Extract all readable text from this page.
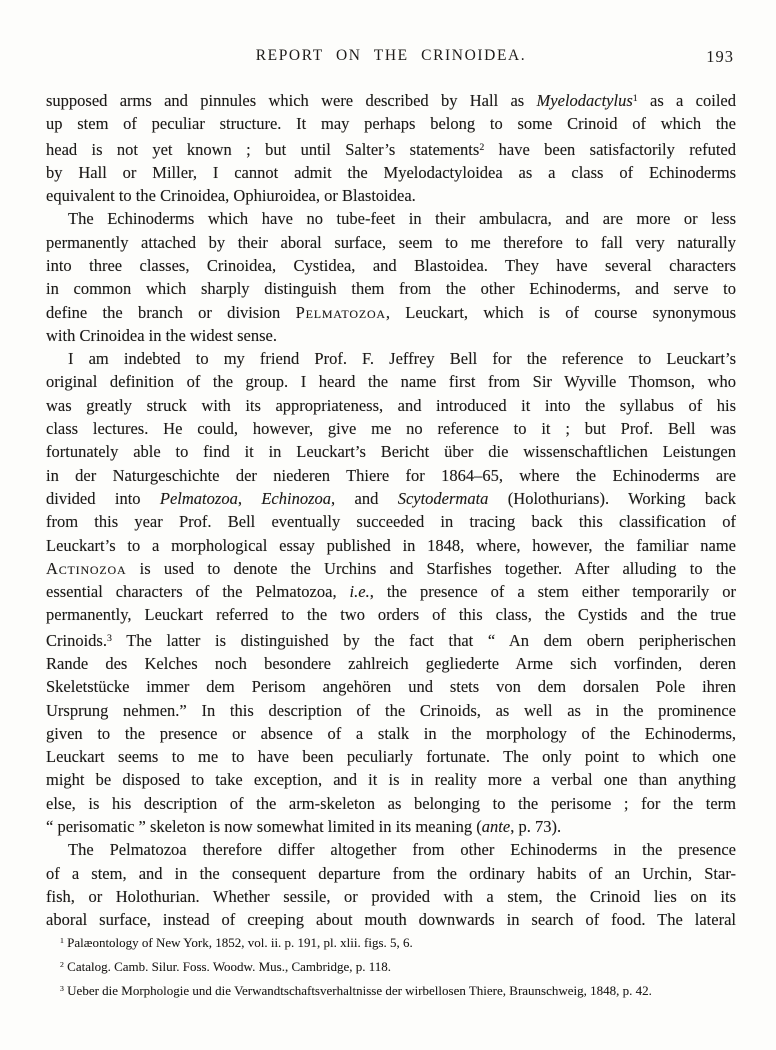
REPORT ON THE CRINOIDEA.	193
supposed arms and pinnules which were described by Hall as Myelodactylus$^1$ as a coiled
up stem of peculiar structure. It may perhaps belong to some Crinoid of which the
head is not yet known ; but until Salter’s statements$^2$ have been satisfactorily refuted
by Hall or Miller, I cannot admit the Myelodactyloidea as a class of Echinoderms
equivalent to the Crinoidea, Ophiuroidea, or Blastoidea.
The Echinoderms which have no tube-feet in their ambulacra, and are more or less
permanently attached by their aboral surface, seem to me therefore to fall very naturally
into three classes, Crinoidea, Cystidea, and Blastoidea. They have several characters
in common which sharply distinguish them from the other Echinoderms, and serve to
define the branch or division Pelmatozoa, Leuckart, which is of course synonymous
with Crinoidea in the widest sense.
I am indebted to my friend Prof. F. Jeffrey Bell for the reference to Leuckart’s
original definition of the group. I heard the name first from Sir Wyville Thomson, who
was greatly struck with its appropriateness, and introduced it into the syllabus of his
class lectures. He could, however, give me no reference to it ; but Prof. Bell was
fortunately able to find it in Leuckart’s Bericht über die wissenschaftlichen Leistungen
in der Naturgeschichte der niederen Thiere for 1864–65, where the Echinoderms are
divided into Pelmatozoa, Echinozoa, and Scytodermata (Holothurians). Working back
from this year Prof. Bell eventually succeeded in tracing back this classification of
Leuckart’s to a morphological essay published in 1848, where, however, the familiar name
Actinozoa is used to denote the Urchins and Starfishes together. After alluding to the
essential characters of the Pelmatozoa, i.e., the presence of a stem either temporarily or
permanently, Leuckart referred to the two orders of this class, the Cystids and the true
Crinoids.$^3$ The latter is distinguished by the fact that “ An dem obern peripherischen
Rande des Kelches noch besondere zahlreich gegliederte Arme sich vorfinden, deren
Skeletstücke immer dem Perisom angehören und stets von dem dorsalen Pole ihren
Ursprung nehmen.” In this description of the Crinoids, as well as in the prominence
given to the presence or absence of a stalk in the morphology of the Echinoderms,
Leuckart seems to me to have been peculiarly fortunate. The only point to which one
might be disposed to take exception, and it is in reality more a verbal one than anything
else, is his description of the arm-skeleton as belonging to the perisome ; for the term
“ perisomatic ” skeleton is now somewhat limited in its meaning (ante, p. 73).
The Pelmatozoa therefore differ altogether from other Echinoderms in the presence
of a stem, and in the consequent departure from the ordinary habits of an Urchin, Star-
fish, or Holothurian. Whether sessile, or provided with a stem, the Crinoid lies on its
aboral surface, instead of creeping about mouth downwards in search of food. The lateral
$^1$ Palæontology of New York, 1852, vol. ii. p. 191, pl. xlii. figs. 5, 6.
$^2$ Catalog. Camb. Silur. Foss. Woodw. Mus., Cambridge, p. 118.
$^3$ Ueber die Morphologie und die Verwandtschaftsverhaltnisse der wirbellosen Thiere, Braunschweig, 1848, p. 42.
